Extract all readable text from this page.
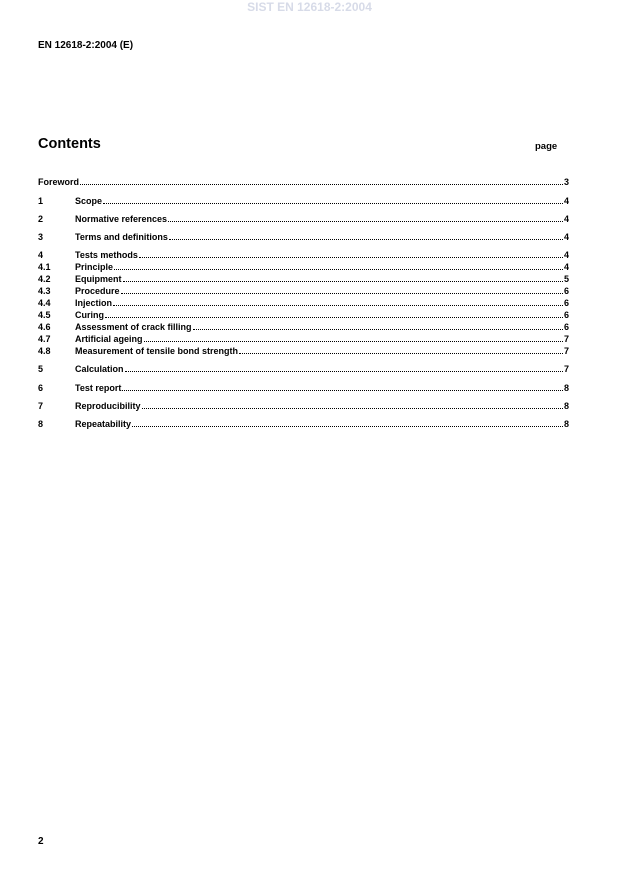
SIST EN 12618-2:2004
EN 12618-2:2004 (E)
Contents	page
Foreword	3
1	Scope	4
2	Normative references	4
3	Terms and definitions	4
4	Tests methods	4
4.1	Principle	4
4.2	Equipment	5
4.3	Procedure	6
4.4	Injection	6
4.5	Curing	6
4.6	Assessment of crack filling	6
4.7	Artificial ageing	7
4.8	Measurement of tensile bond strength	7
5	Calculation	7
6	Test report	8
7	Reproducibility	8
8	Repeatability	8
2
